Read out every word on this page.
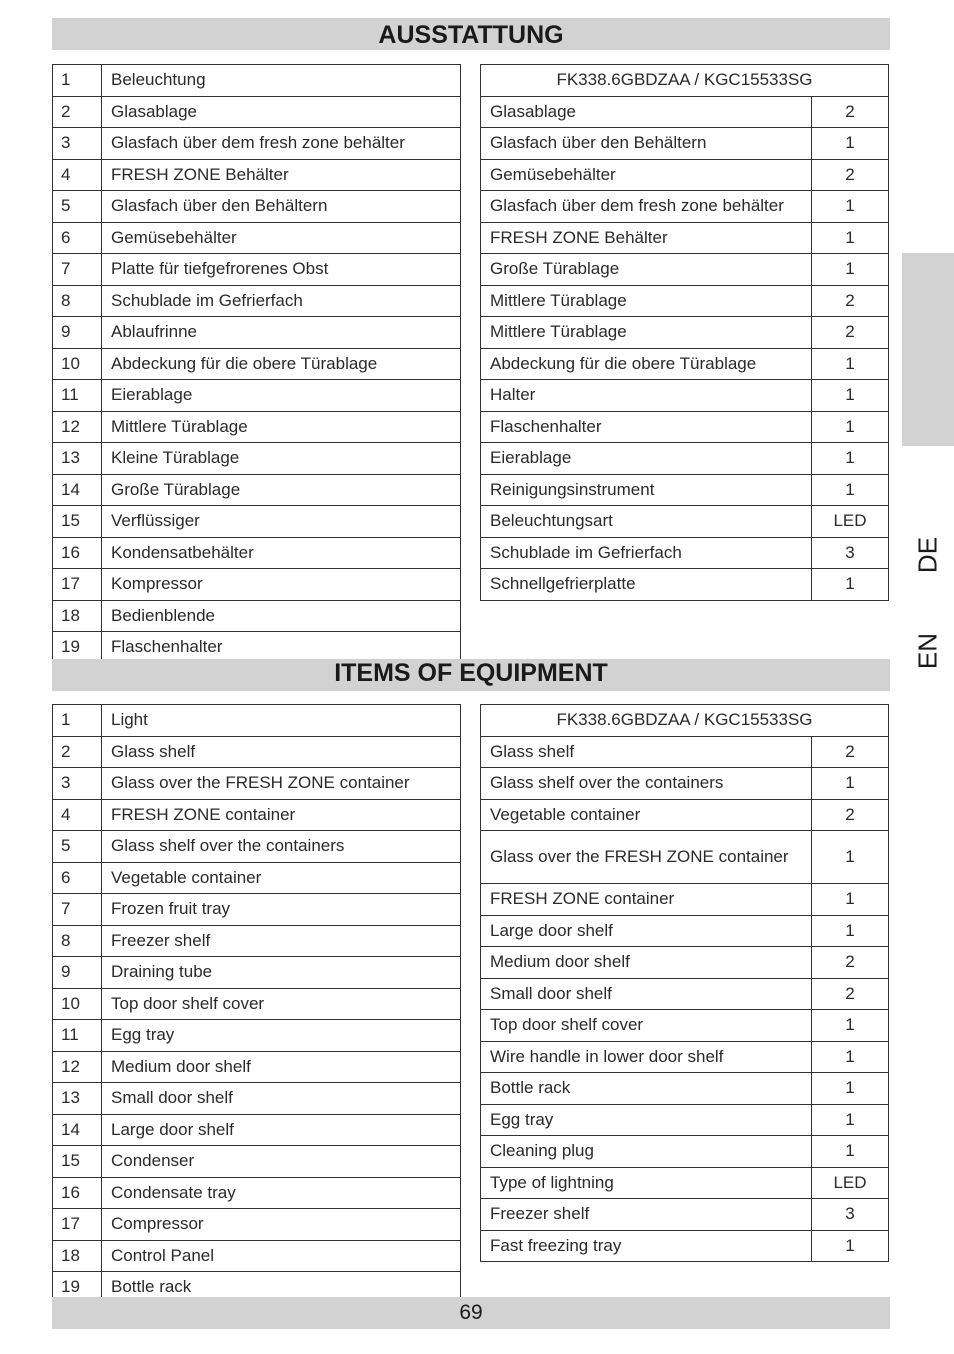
AUSSTATTUNG
1	Beleuchtung
2	Glasablage
3	Glasfach über dem fresh zone behälter
4	FRESH ZONE Behälter
5	Glasfach über den Behältern
6	Gemüsebehälter
7	Platte für tiefgefrorenes Obst
8	Schublade im Gefrierfach
9	Ablaufrinne
10	Abdeckung für die obere Türablage
11	Eierablage
12	Mittlere Türablage
13	Kleine Türablage
14	Große Türablage
15	Verflüssiger
16	Kondensatbehälter
17	Kompressor
18	Bedienblende
19	Flaschenhalter
FK338.6GBDZAA / KGC15533SG	
Glasablage	2
Glasfach über den Behältern	1
Gemüsebehälter	2
Glasfach über dem fresh zone behälter	1
FRESH ZONE Behälter	1
Große Türablage	1
Mittlere Türablage	2
Mittlere Türablage	2
Abdeckung für die obere Türablage	1
Halter	1
Flaschenhalter	1
Eierablage	1
Reinigungsinstrument	1
Beleuchtungsart	LED
Schublade im Gefrierfach	3
Schnellgefrierplatte	1
ITEMS OF EQUIPMENT
1	Light
2	Glass shelf
3	Glass over the FRESH ZONE container
4	FRESH ZONE container
5	Glass shelf over the containers
6	Vegetable container
7	Frozen fruit tray
8	Freezer shelf
9	Draining tube
10	Top door shelf cover
11	Egg tray
12	Medium door shelf
13	Small door shelf
14	Large door shelf
15	Condenser
16	Condensate tray
17	Compressor
18	Control Panel
19	Bottle rack
FK338.6GBDZAA / KGC15533SG	
Glass shelf	2
Glass shelf over the containers	1
Vegetable container	2
Glass over the FRESH ZONE container	1
FRESH ZONE container	1
Large door shelf	1
Medium door shelf	2
Small door shelf	2
Top door shelf cover	1
Wire handle in lower door shelf	1
Bottle rack	1
Egg tray	1
Cleaning plug	1
Type of lightning	LED
Freezer shelf	3
Fast freezing tray	1
69
DE
EN
